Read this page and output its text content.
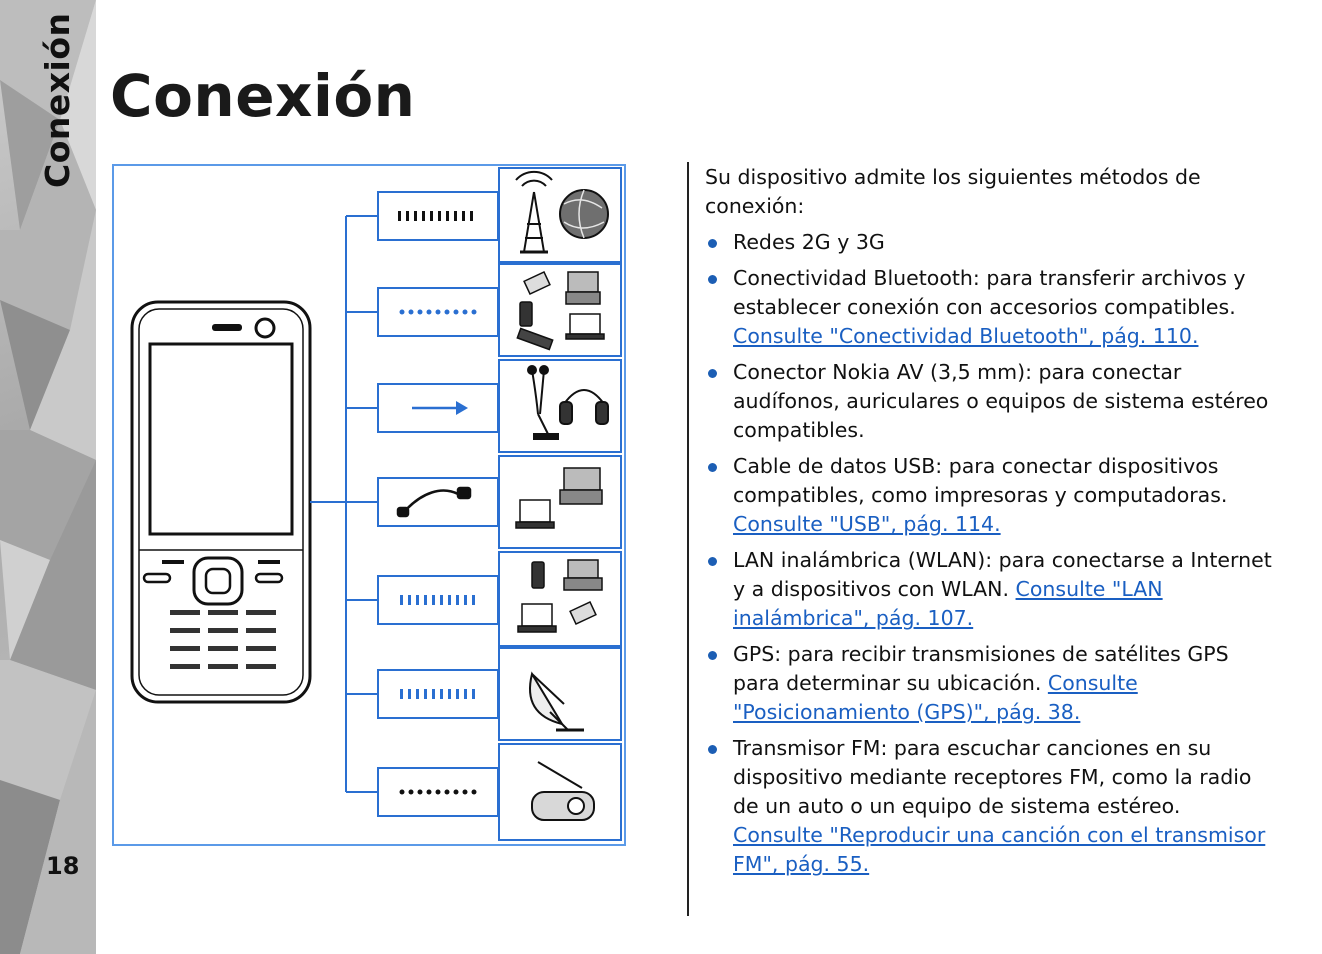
Conexión
18
Conexión

Su dispositivo admite los siguientes métodos de conexión:

Redes 2G y 3G
Conectividad Bluetooth: para transferir archivos y establecer conexión con accesorios compatibles. Consulte "Conectividad Bluetooth", pág. 110.
Conector Nokia AV (3,5 mm): para conectar audífonos, auriculares o equipos de sistema estéreo compatibles.
Cable de datos USB: para conectar dispositivos compatibles, como impresoras y computadoras. Consulte "USB", pág. 114.
LAN inalámbrica (WLAN): para conectarse a Internet y a dispositivos con WLAN. Consulte "LAN inalámbrica", pág. 107.
GPS: para recibir transmisiones de satélites GPS para determinar su ubicación. Consulte "Posicionamiento (GPS)", pág. 38.
Transmisor FM: para escuchar canciones en su dispositivo mediante receptores FM, como la radio de un auto o un equipo de sistema estéreo. Consulte "Reproducir una canción con el transmisor FM", pág. 55.
